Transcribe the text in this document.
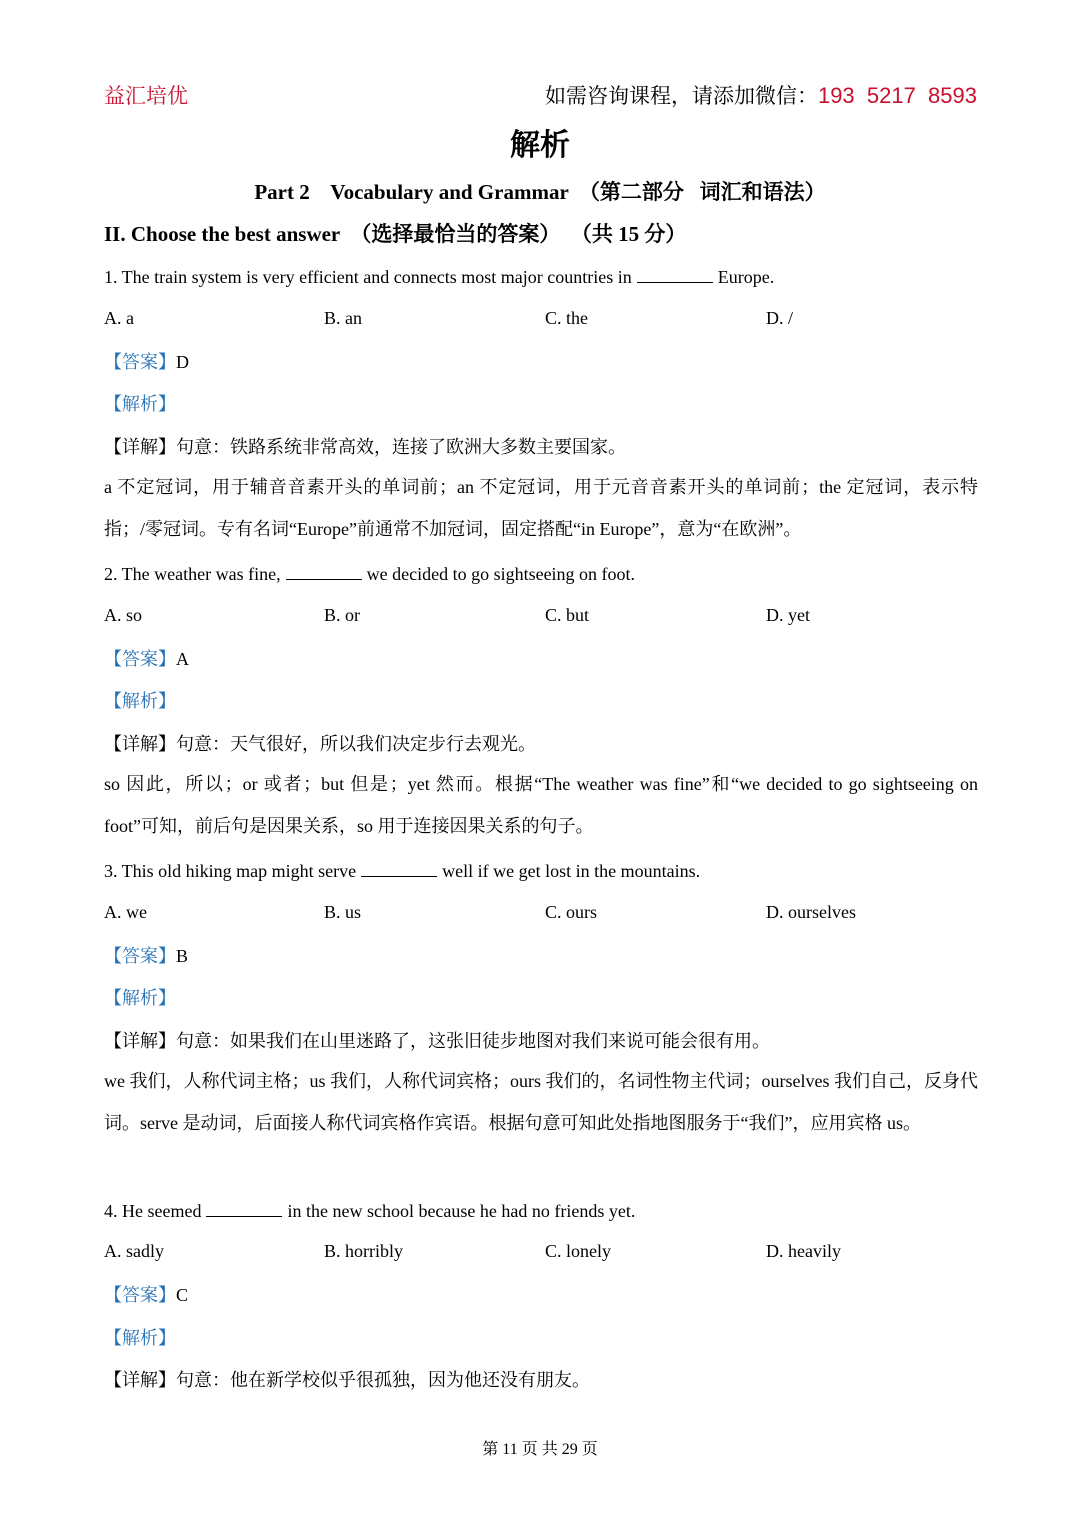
益汇培优	如需咨询课程，请添加微信：193  5217  8593
解析
Part 2    Vocabulary and Grammar  （第二部分   词汇和语法）
II. Choose the best answer  （选择最恰当的答案）  （共 15 分）
1. The train system is very efficient and connects most major countries in	Europe.
A. a	B. an	C. the	D. /
【答案】D
【解析】
【详解】句意：铁路系统非常高效，连接了欧洲大多数主要国家。
a 不定冠词，用于辅音音素开头的单词前；an 不定冠词，用于元音音素开头的单词前；the 定冠词，表示特指；/零冠词。专有名词“Europe”前通常不加冠词，固定搭配“in Europe”，意为“在欧洲”。
2. The weather was fine,	we decided to go sightseeing on foot.
A. so	B. or	C. but	D. yet
【答案】A
【解析】
【详解】句意：天气很好，所以我们决定步行去观光。
so 因此，所以；or 或者；but 但是；yet 然而。根据“The weather was fine”和“we decided to go sightseeing on foot”可知，前后句是因果关系，so 用于连接因果关系的句子。
3. This old hiking map might serve	well if we get lost in the mountains.
A. we	B. us	C. ours	D. ourselves
【答案】B
【解析】
【详解】句意：如果我们在山里迷路了，这张旧徒步地图对我们来说可能会很有用。
we 我们，人称代词主格；us 我们，人称代词宾格；ours 我们的，名词性物主代词；ourselves 我们自己，反身代词。serve 是动词，后面接人称代词宾格作宾语。根据句意可知此处指地图服务于“我们”，应用宾格 us。
4. He seemed	in the new school because he had no friends yet.
A. sadly	B. horribly	C. lonely	D. heavily
【答案】C
【解析】
【详解】句意：他在新学校似乎很孤独，因为他还没有朋友。
第 11 页 共 29 页
